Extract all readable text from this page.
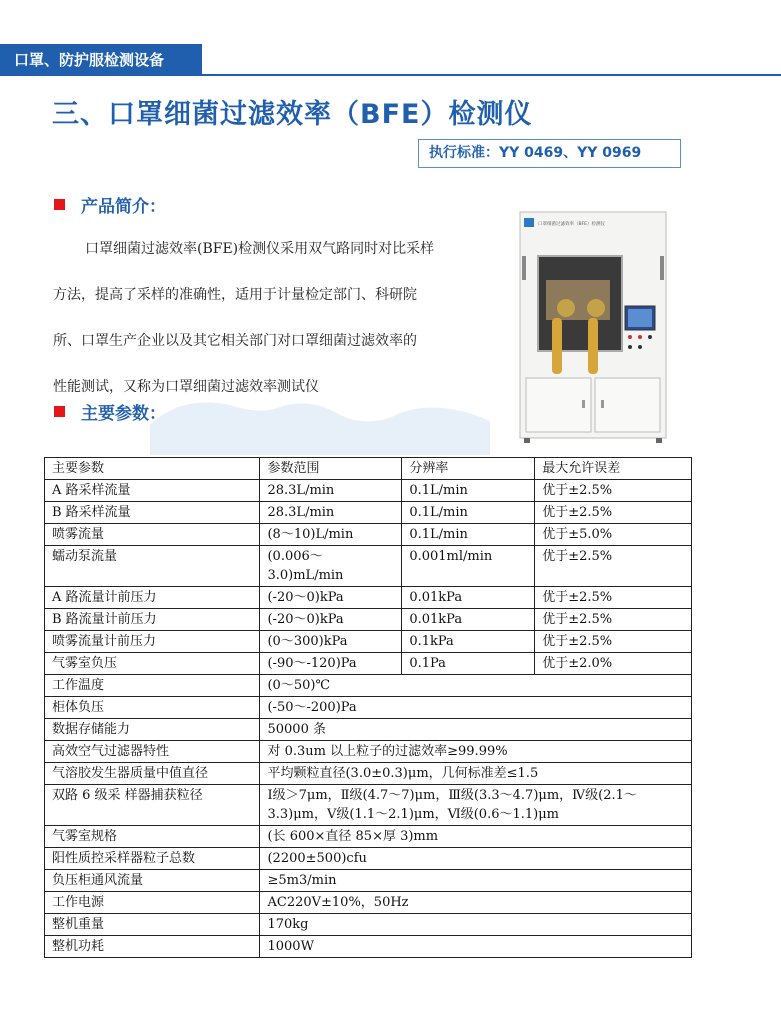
口罩、防护服检测设备
三、口罩细菌过滤效率（BFE）检测仪
执行标准：YY 0469、YY 0969
产品简介：
口罩细菌过滤效率(BFE)检测仪采用双气路同时对比采样
方法，提高了采样的准确性，适用于计量检定部门、科研院
所、口罩生产企业以及其它相关部门对口罩细菌过滤效率的
性能测试，又称为口罩细菌过滤效率测试仪
口罩细菌过滤效率（BFE）检测仪
主要参数：
主要参数	参数范围	分辨率	最大允许误差
A 路采样流量	28.3L/min	0.1L/min	优于±2.5%
B 路采样流量	28.3L/min	0.1L/min	优于±2.5%
喷雾流量	(8～10)L/min	0.1L/min	优于±5.0%
蠕动泵流量	(0.006～3.0)mL/min	0.001ml/min	优于±2.5%
A 路流量计前压力	(-20～0)kPa	0.01kPa	优于±2.5%
B 路流量计前压力	(-20～0)kPa	0.01kPa	优于±2.5%
喷雾流量计前压力	(0～300)kPa	0.1kPa	优于±2.5%
气雾室负压	(-90～-120)Pa	0.1Pa	优于±2.0%
工作温度	(0～50)℃		
柜体负压	(-50～-200)Pa		
数据存储能力	50000 条		
高效空气过滤器特性	对 0.3um 以上粒子的过滤效率≥99.99%		
气溶胶发生器质量中值直径	平均颗粒直径(3.0±0.3)μm，几何标准差≤1.5		
双路 6 级采 样器捕获粒径	Ⅰ级＞7μm，Ⅱ级(4.7～7)μm，Ⅲ级(3.3～4.7)μm，Ⅳ级(2.1～3.3)μm，Ⅴ级(1.1～2.1)μm，Ⅵ级(0.6～1.1)μm		
气雾室规格	(长 600×直径 85×厚 3)mm		
阳性质控采样器粒子总数	(2200±500)cfu		
负压柜通风流量	≥5m3/min		
工作电源	AC220V±10%，50Hz		
整机重量	170kg		
整机功耗	1000W		
